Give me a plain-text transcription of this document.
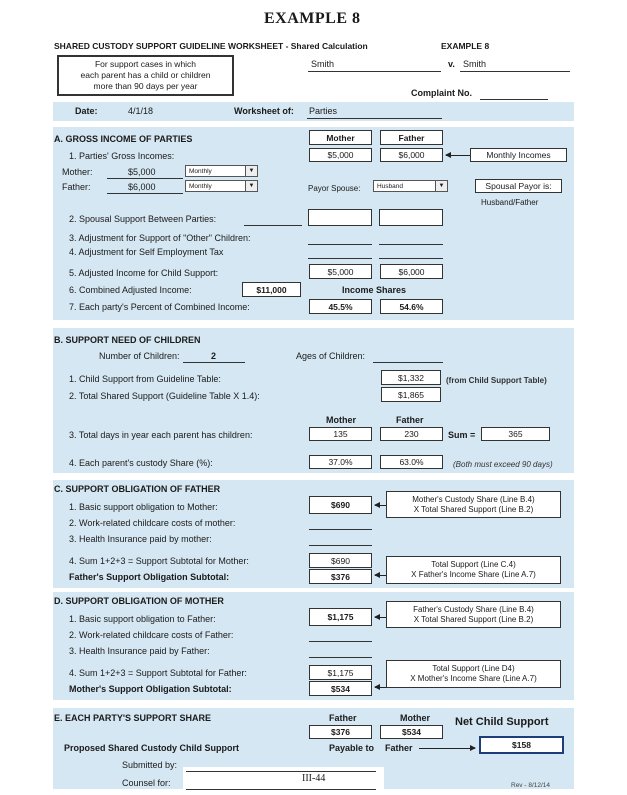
EXAMPLE 8
SHARED CUSTODY SUPPORT GUIDELINE WORKSHEET - Shared Calculation	EXAMPLE 8
For support cases in which
each parent has a child or children
more than 90 days per year
Smith	v. Smith
Complaint No.
Date:	4/1/18	Worksheet of: Parties
A. GROSS INCOME OF PARTIES	Mother	Father
1. Parties' Gross Incomes:	$5,000	$6,000	Monthly Incomes
Mother:	$5,000	Monthly	▼
Father:	$6,000	Monthly	▼	Payor Spouse:	Husband	▼	Spousal Payor is:
Husband/Father
2. Spousal Support Between Parties:
3. Adjustment for Support of "Other" Children:
4. Adjustment for Self Employment Tax
5. Adjusted Income for Child Support:	$5,000	$6,000
6. Combined Adjusted Income:	$11,000	Income Shares
7. Each party's Percent of Combined Income:	45.5%	54.6%
B. SUPPORT NEED OF CHILDREN
Number of Children:	2	Ages of Children:
1. Child Support from Guideline Table:	$1,332	(from Child Support Table)
2. Total Shared Support (Guideline Table X 1.4):	$1,865
Mother	Father
3. Total days in year each parent has children:	135	230	Sum =	365
4. Each parent's custody Share (%):	37.0%	63.0%	(Both must exceed 90 days)
C. SUPPORT OBLIGATION OF FATHER
1. Basic support obligation to Mother:	$690
Mother's Custody Share (Line B.4)
X Total Shared Support (Line B.2)
2. Work-related childcare costs of mother:
3. Health Insurance paid by mother:
4. Sum 1+2+3 = Support Subtotal for Mother:	$690
Father's Support Obligation Subtotal:	$376
Total Support (Line C.4)
X Father's Income Share (Line A.7)
D. SUPPORT OBLIGATION OF MOTHER
1. Basic support obligation to Father:	$1,175
Father's Custody Share (Line B.4)
X Total Shared Support (Line B.2)
2. Work-related childcare costs of Father:
3. Health Insurance paid by Father:
4. Sum 1+2+3 = Support Subtotal for Father:	$1,175
Mother's Support Obligation Subtotal:	$534
Total Support (Line D4)
X Mother's Income Share (Line A.7)
E. EACH PARTY'S SUPPORT SHARE	Father	Mother Net Child Support
$376	$534
Proposed Shared Custody Child Support	Payable to Father	$158
Submitted by:
Counsel for:	III-44
Rev - 8/12/14
